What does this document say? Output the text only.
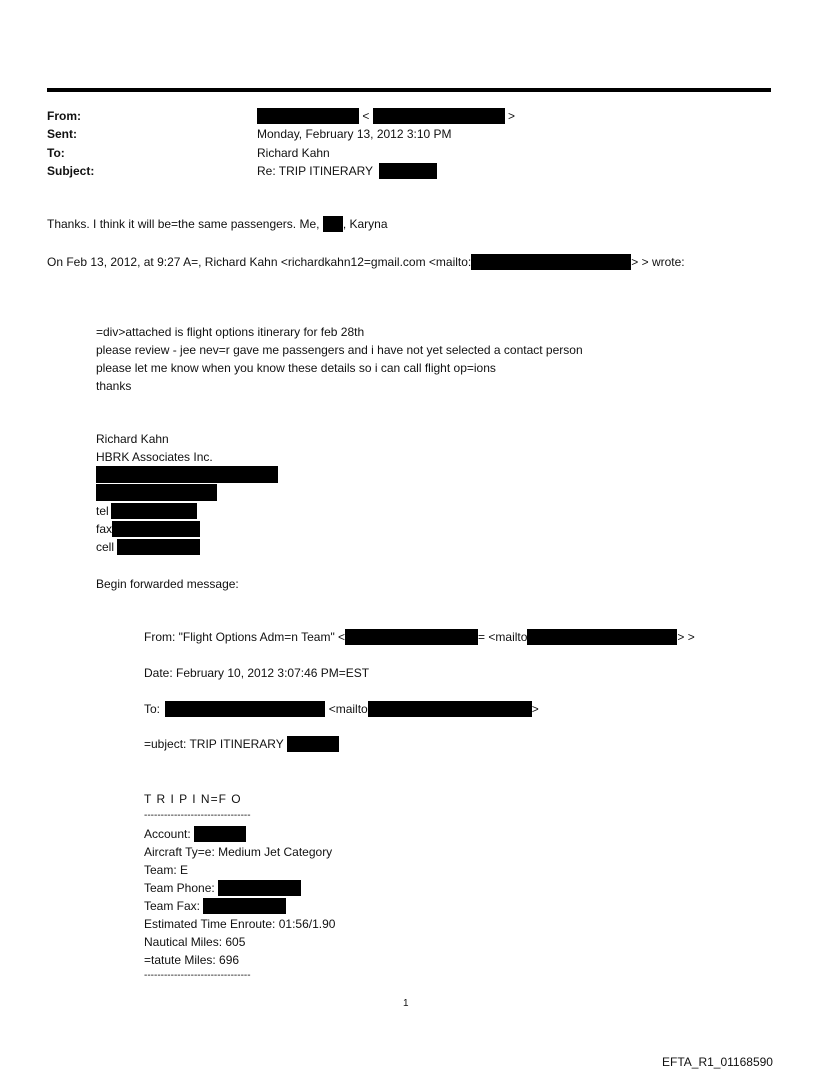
From:	<	>
Sent:	Monday, February 13, 2012 3:10 PM
To:	Richard Kahn
Subject:	Re: TRIP ITINERARY
Thanks. I think it will be=the same passengers. Me, , Karyna
On Feb 13, 2012, at 9:27 A=, Richard Kahn <richardkahn12=gmail.com <mailto:	> > wrote:
=div>attached is flight options itinerary for feb 28th
please review - jee nev=r gave me passengers and i have not yet selected a contact person
please let me know when you know these details so i can call flight op=ions
thanks
Richard Kahn
HBRK Associates Inc.
tel
fax
cell
Begin forwarded message:
From: "Flight Options Adm=n Team" <	= <mailto	> >
Date: February 10, 2012 3:07:46 PM=EST
To:	<mailto	>
=ubject: TRIP ITINERARY
T R I P I N=F O
--------------------------------
Account:
Aircraft Ty=e: Medium Jet Category
Team: E
Team Phone:
Team Fax:
Estimated Time Enroute: 01:56/1.90
Nautical Miles: 605
=tatute Miles: 696
--------------------------------
1
EFTA_R1_01168590
